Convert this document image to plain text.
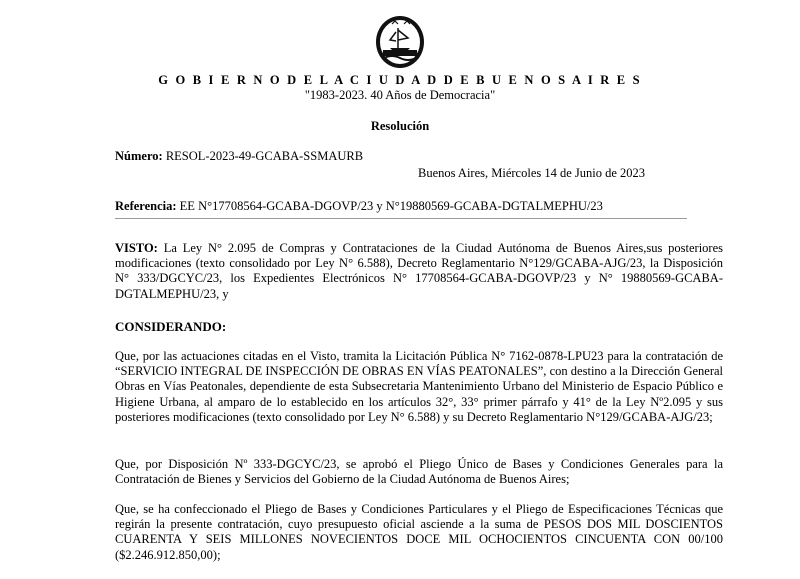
G O B I E R N O D E L A C I U D A D D E B U E N O S A I R E S
"1983-2023. 40 Años de Democracia"
Resolución
Número: RESOL-2023-49-GCABA-SSMAURB
Buenos Aires, Miércoles 14 de Junio de 2023
Referencia: EE N°17708564-GCABA-DGOVP/23 y N°19880569-GCABA-DGTALMEPHU/23
VISTO: La Ley N° 2.095 de Compras y Contrataciones de la Ciudad Autónoma de Buenos Aires,sus posteriores modificaciones (texto consolidado por Ley N° 6.588), Decreto Reglamentario N°129/GCABA-AJG/23, la Disposición N° 333/DGCYC/23, los Expedientes Electrónicos N° 17708564-GCABA-DGOVP/23 y N° 19880569-GCABA-DGTALMEPHU/23, y
CONSIDERANDO:
Que, por las actuaciones citadas en el Visto, tramita la Licitación Pública N° 7162-0878-LPU23 para la contratación de “SERVICIO INTEGRAL DE INSPECCIÓN DE OBRAS EN VÍAS PEATONALES”, con destino a la Dirección General Obras en Vías Peatonales, dependiente de esta Subsecretaria Mantenimiento Urbano del Ministerio de Espacio Público e Higiene Urbana, al amparo de lo establecido en los artículos 32°, 33° primer párrafo y 41° de la Ley Nº2.095 y sus posteriores modificaciones (texto consolidado por Ley N° 6.588) y su Decreto Reglamentario N°129/GCABA-AJG/23;
Que, por Disposición Nº 333-DGCYC/23, se aprobó el Pliego Único de Bases y Condiciones Generales para la Contratación de Bienes y Servicios del Gobierno de la Ciudad Autónoma de Buenos Aires;
Que, se ha confeccionado el Pliego de Bases y Condiciones Particulares y el Pliego de Especificaciones Técnicas que regirán la presente contratación, cuyo presupuesto oficial asciende a la suma de PESOS DOS MIL DOSCIENTOS CUARENTA Y SEIS MILLONES NOVECIENTOS DOCE MIL OCHOCIENTOS CINCUENTA CON 00/100 ($2.246.912.850,00);
